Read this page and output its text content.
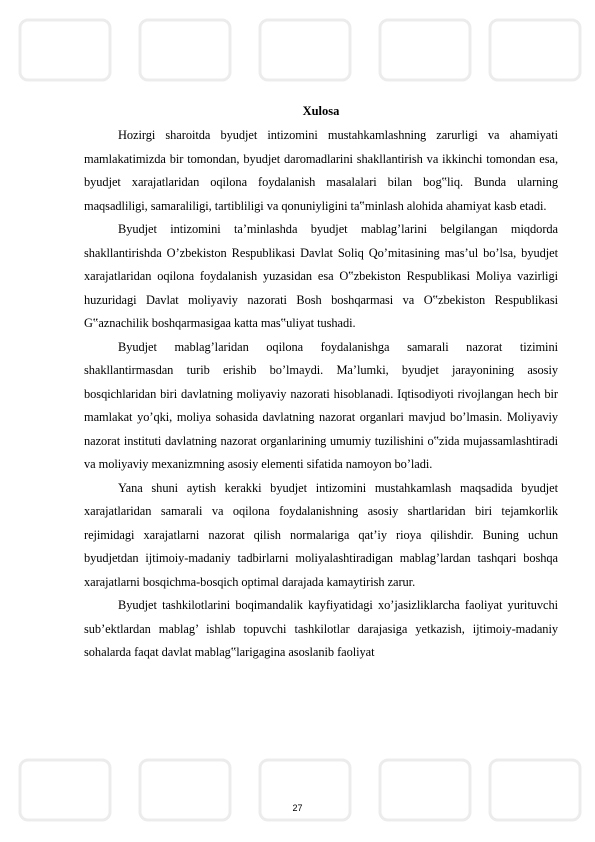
Xulosa

Hozirgi sharoitda byudjet intizomini mustahkamlashning zarurligi va ahamiyati mamlakatimizda bir tomondan, byudjet daromadlarini shakllantirish va ikkinchi tomondan esa, byudjet xarajatlaridan oqilona foydalanish masalalari bilan bog‟liq. Bunda ularning maqsadliligi, samaraliligi, tartibliligi va qonuniyligini ta‟minlash alohida ahamiyat kasb etadi.

Byudjet intizomini ta’minlashda byudjet mablag’larini belgilangan miqdorda shakllantirishda O’zbekiston Respublikasi Davlat Soliq Qo’mitasining mas’ul bo’lsa, byudjet xarajatlaridan oqilona foydalanish yuzasidan esa O‟zbekiston Respublikasi Moliya vazirligi huzuridagi Davlat moliyaviy nazorati Bosh boshqarmasi va O‟zbekiston Respublikasi G‟aznachilik boshqarmasigaa katta mas‟uliyat tushadi.

Byudjet mablag’laridan oqilona foydalanishga samarali nazorat tizimini shakllantirmasdan turib erishib bo’lmaydi. Ma’lumki, byudjet jarayonining asosiy bosqichlaridan biri davlatning moliyaviy nazorati hisoblanadi. Iqtisodiyoti rivojlangan hech bir mamlakat yo’qki, moliya sohasida davlatning nazorat organlari mavjud bo’lmasin. Moliyaviy nazorat instituti davlatning nazorat organlarining umumiy tuzilishini o‟zida mujassamlashtiradi va moliyaviy mexanizmning asosiy elementi sifatida namoyon bo’ladi.

Yana shuni aytish kerakki byudjet intizomini mustahkamlash maqsadida byudjet xarajatlaridan samarali va oqilona foydalanishning asosiy shartlaridan biri tejamkorlik rejimidagi xarajatlarni nazorat qilish normalariga qat’iy rioya qilishdir. Buning uchun byudjetdan ijtimoiy-madaniy tadbirlarni moliyalashtiradigan mablag’lardan tashqari boshqa xarajatlarni bosqichma-bosqich optimal darajada kamaytirish zarur.

Byudjet tashkilotlarini boqimandalik kayfiyatidagi xo’jasizliklarcha faoliyat yurituvchi sub’ektlardan mablag’ ishlab topuvchi tashkilotlar darajasiga yetkazish, ijtimoiy-madaniy sohalarda faqat davlat mablag‟larigagina asoslanib faoliyat

27
